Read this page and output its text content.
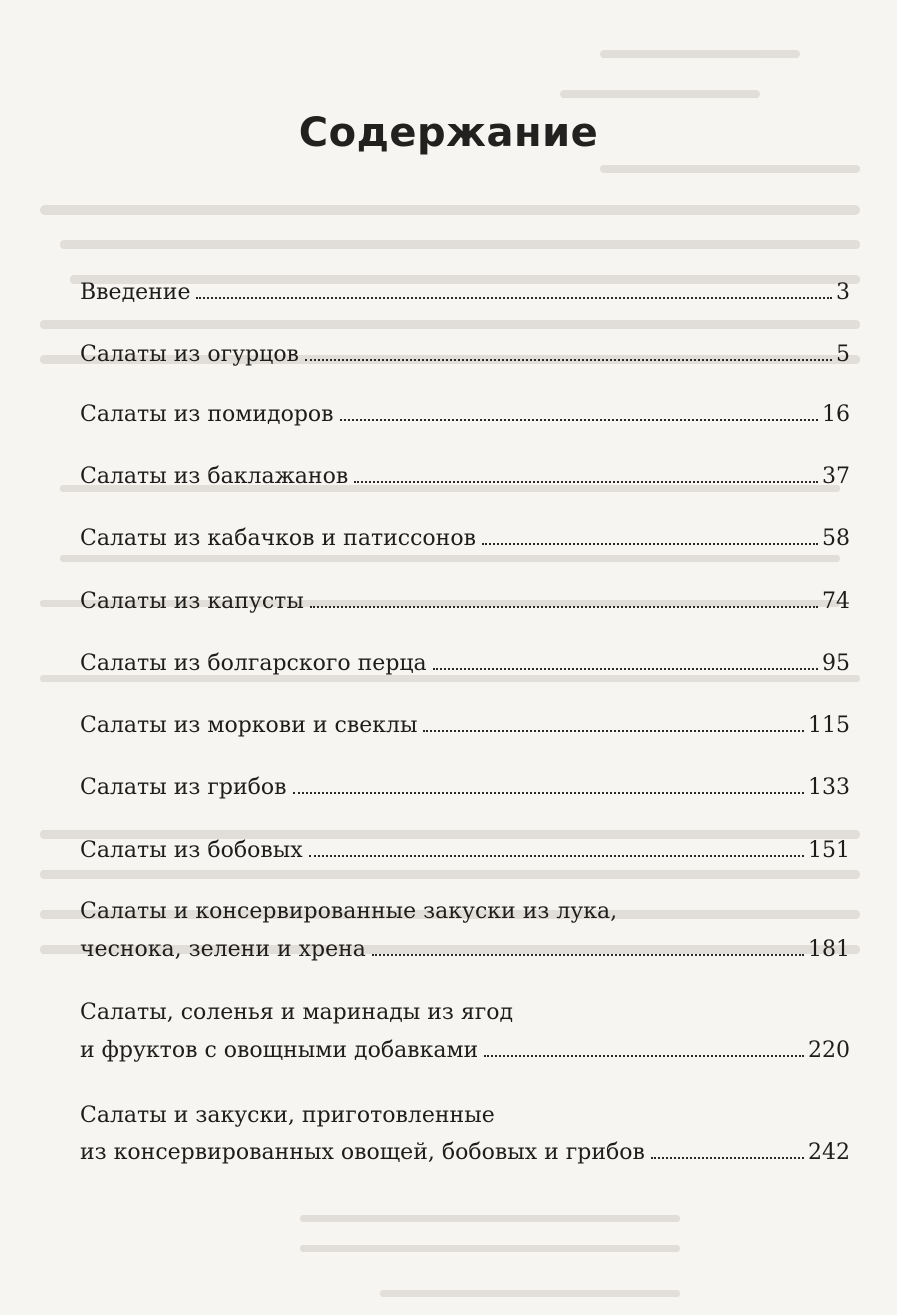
Содержание
Введение	3
Салаты из огурцов	5
Салаты из помидоров	16
Салаты из баклажанов	37
Салаты из кабачков и патиссонов	58
Салаты из капусты	74
Салаты из болгарского перца	95
Салаты из моркови и свеклы	115
Салаты из грибов	133
Салаты из бобовых	151
Салаты и консервированные закуски из лука,
чеснока, зелени и хрена	181
Салаты, соленья и маринады из ягод
и фруктов с овощными добавками	220
Салаты и закуски, приготовленные
из консервированных овощей, бобовых и грибов	242
